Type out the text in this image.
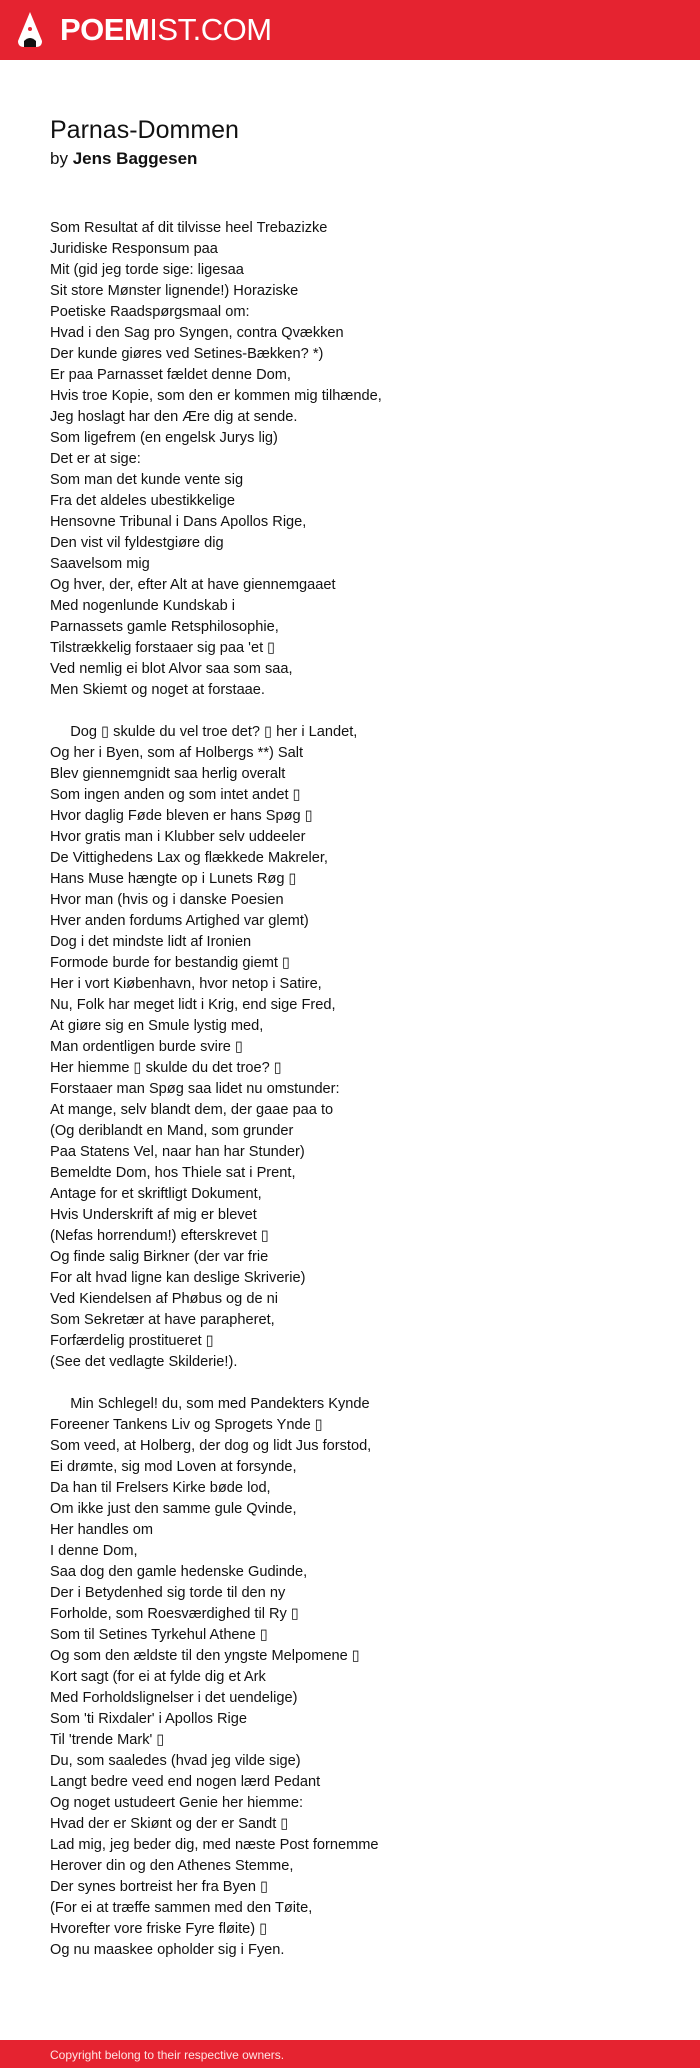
POEMIST.COM
Parnas-Dommen
by Jens Baggesen
Som Resultat af dit tilvisse heel Trebazizke
Juridiske Responsum paa
Mit (gid jeg torde sige: ligesaa
Sit store Mønster lignende!) Horaziske
Poetiske Raadspørgsmaal om:
Hvad i den Sag pro Syngen, contra Qvækken
Der kunde giøres ved Setines-Bækken? *)
Er paa Parnasset fældet denne Dom,
Hvis troe Kopie, som den er kommen mig tilhænde,
Jeg hoslagt har den Ære dig at sende.
Som ligefrem (en engelsk Jurys lig)
Det er at sige:
Som man det kunde vente sig
Fra det aldeles ubestikkelige
Hensovne Tribunal i Dans Apollos Rige,
Den vist vil fyldestgiøre dig
Saavelsom mig
Og hver, der, efter Alt at have giennemgaaet
Med nogenlunde Kundskab i
Parnassets gamle Retsphilosophie,
Tilstrækkelig forstaaer sig paa 'et ▯
Ved nemlig ei blot Alvor saa som saa,
Men Skiemt og noget at forstaae.
Dog ▯ skulde du vel troe det? ▯ her i Landet,
Og her i Byen, som af Holbergs **) Salt
Blev giennemgnidt saa herlig overalt
Som ingen anden og som intet andet ▯
Hvor daglig Føde bleven er hans Spøg ▯
Hvor gratis man i Klubber selv uddeeler
De Vittighedens Lax og flækkede Makreler,
Hans Muse hængte op i Lunets Røg ▯
Hvor man (hvis og i danske Poesien
Hver anden fordums Artighed var glemt)
Dog i det mindste lidt af Ironien
Formode burde for bestandig giemt ▯
Her i vort Kiøbenhavn, hvor netop i Satire,
Nu, Folk har meget lidt i Krig, end sige Fred,
At giøre sig en Smule lystig med,
Man ordentligen burde svire ▯
Her hiemme ▯ skulde du det troe? ▯
Forstaaer man Spøg saa lidet nu omstunder:
At mange, selv blandt dem, der gaae paa to
(Og deriblandt en Mand, som grunder
Paa Statens Vel, naar han har Stunder)
Bemeldte Dom, hos Thiele sat i Prent,
Antage for et skriftligt Dokument,
Hvis Underskrift af mig er blevet
(Nefas horrendum!) efterskrevet ▯
Og finde salig Birkner (der var frie
For alt hvad ligne kan deslige Skriverie)
Ved Kiendelsen af Phøbus og de ni
Som Sekretær at have parapheret,
Forfærdelig prostitueret ▯
(See det vedlagte Skilderie!).
Min Schlegel! du, som med Pandekters Kynde
Foreener Tankens Liv og Sprogets Ynde ▯
Som veed, at Holberg, der dog og lidt Jus forstod,
Ei drømte, sig mod Loven at forsynde,
Da han til Frelsers Kirke bøde lod,
Om ikke just den samme gule Qvinde,
Her handles om
I denne Dom,
Saa dog den gamle hedenske Gudinde,
Der i Betydenhed sig torde til den ny
Forholde, som Roesværdighed til Ry ▯
Som til Setines Tyrkehul Athene ▯
Og som den ældste til den yngste Melpomene ▯
Kort sagt (for ei at fylde dig et Ark
Med Forholdslignelser i det uendelige)
Som 'ti Rixdaler' i Apollos Rige
Til 'trende Mark' ▯
Du, som saaledes (hvad jeg vilde sige)
Langt bedre veed end nogen lærd Pedant
Og noget ustudeert Genie her hiemme:
Hvad der er Skiønt og der er Sandt ▯
Lad mig, jeg beder dig, med næste Post fornemme
Herover din og den Athenes Stemme,
Der synes bortreist her fra Byen ▯
(For ei at træffe sammen med den Tøite,
Hvorefter vore friske Fyre fløite) ▯
Og nu maaskee opholder sig i Fyen.
Copyright belong to their respective owners.
